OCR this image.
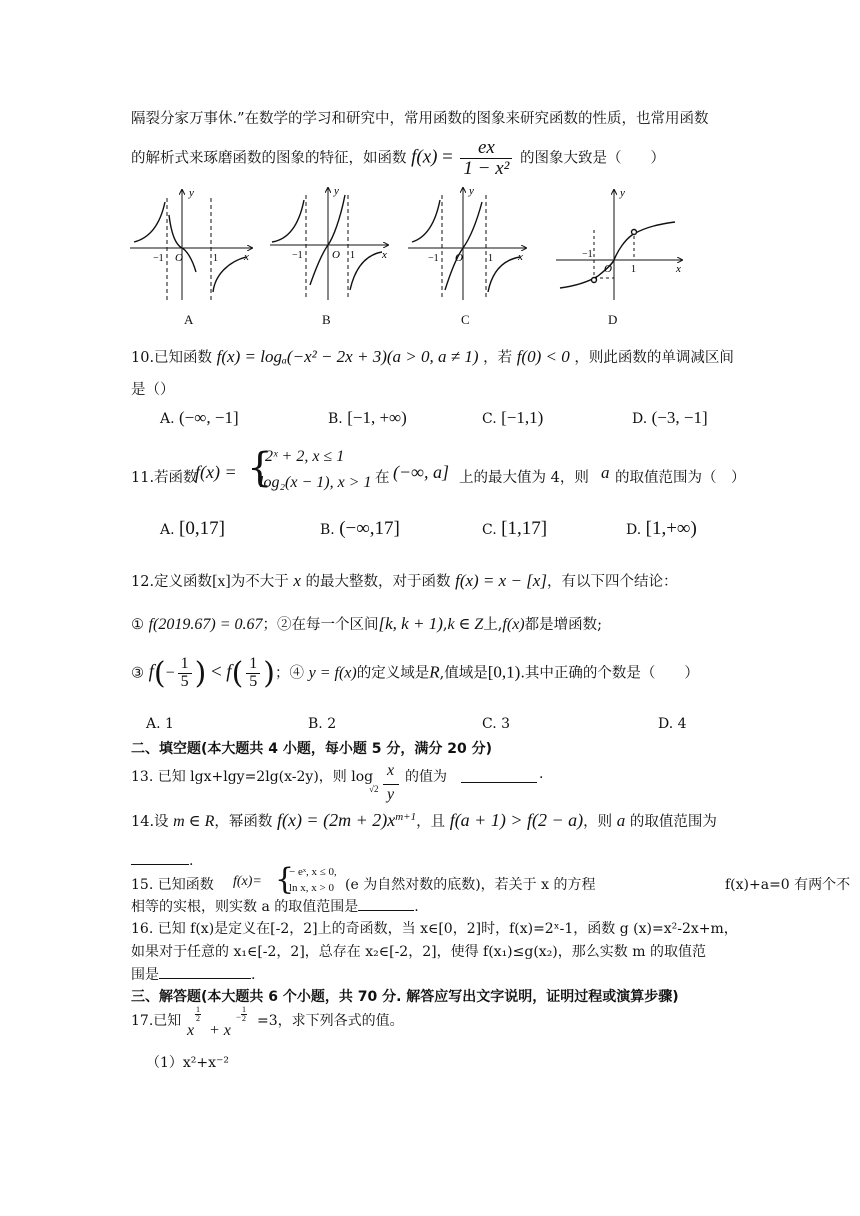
隔裂分家万事休.”在数学的学习和研究中，常用函数的图象来研究函数的性质，也常用函数
的解析式来琢磨函数的图象的特征，如函数 $f(x) = \frac{ex}{\text{1 − x²}}$ 的图象大致是（　　）
y
x
O
−1	1
y
x
O
−1	1
y
x
O
−1	1
y
x
O
−1
1
A	B	C	D
10.已知函数 f(x) = logₐ(−x² − 2x + 3)(a > 0, a ≠ 1) ，若 f(0) < 0 ，则此函数的单调减区间
是（）
A. (−∞, −1]	B. [−1, +∞)	C. [−1,1)	D. (−3, −1]
11.若函数
f(x) = {
2ˣ + 2, x ≤ 1
log₂(x − 1), x > 1 在 (−∞, a] 上的最大值为 4，则 a 的取值范围为（　）
A. [0,17]	B. (−∞,17]	C. [1,17]	D. [1,+∞)
12.定义函数[x]为不大于 x 的最大整数，对于函数 f(x) = x − [x]，有以下四个结论：
① f(2019.67) = 0.67；②在每一个区间[k, k + 1),k ∈ Z上,f(x)都是增函数;
③ $f(- \frac{1}{5}$ ) < $f( \frac{1}{5}$ )；④ y = f(x)的定义域是R,值域是[0,1).其中正确的个数是（　　）
A. 1	B. 2	C. 3	D. 4
二、填空题(本大题共 4 小题，每小题 5 分，满分 20 分)
13. 已知 lgx+lgy=2lg(x-2y)，则 log
√2
x
y
的值为	.
14.设 m ∈ R，幂函数 $f(x) = (2m + 2)x^{m+1}$，且 f(a + 1) > f(2 − a)，则 a 的取值范围为
.
15. 已知函数 f(x)= {
− eˣ, x ≤ 0,
ln x, x > 0 (e 为自然对数的底数)，若关于 x 的方程	f(x)+a=0 有两个不
相等的实根，则实数 a 的取值范围是	.
16. 已知 f(x)是定义在[-2，2]上的奇函数，当 x∈[0，2]时，f(x)=2ˣ-1，函数 g (x)=x²-2x+m，
如果对于任意的 x₁∈[-2，2]，总存在 x₂∈[-2，2]，使得 f(x₁)≤g(x₂)，那么实数 m 的取值范
围是	.
三、解答题(本大题共 6 个小题，共 70 分. 解答应写出文字说明，证明过程或演算步骤)
17.已知
x
$\frac{1}{2}$
+ x
− $\frac{1}{2} =3$，求下列各式的值。
（1）x²+x⁻²
